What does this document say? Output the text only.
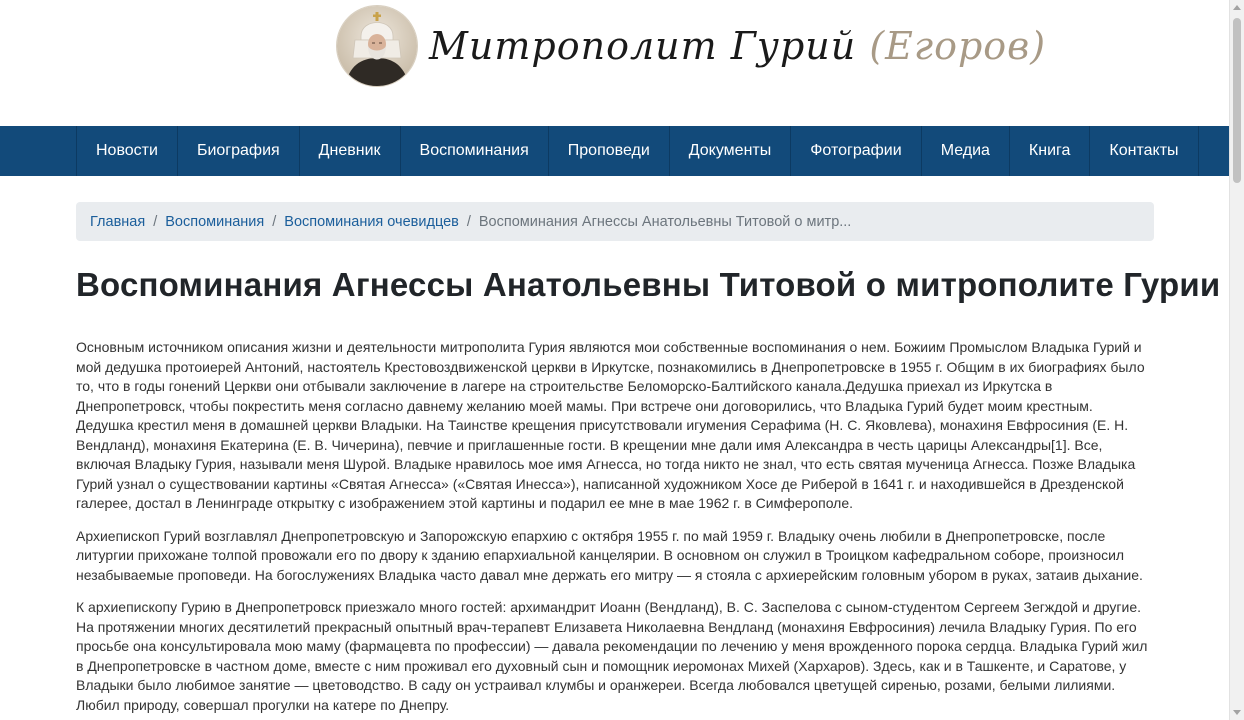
Митрополит Гурий (Егоров)
Новости	Биография	Дневник	Воспоминания	Проповеди	Документы	Фотографии	Медиа	Книга	Контакты
Главная / Воспоминания / Воспоминания очевидцев / Воспоминания Агнессы Анатольевны Титовой о митр...
Воспоминания Агнессы Анатольевны Титовой о митрополите Гурии

Основным источником описания жизни и деятельности митрополита Гурия являются мои собственные воспоминания о нем. Божиим Промыслом Владыка Гурий и мой дедушка протоиерей Антоний, настоятель Крестовоздвиженской церкви в Иркутске, познакомились в Днепропетровске в 1955 г. Общим в их биографиях было то, что в годы гонений Церкви они отбывали заключение в лагере на строительстве Беломорско-Балтийского канала.Дедушка приехал из Иркутска в Днепропетровск, чтобы покрестить меня согласно давнему желанию моей мамы. При встрече они договорились, что Владыка Гурий будет моим крестным. Дедушка крестил меня в домашней церкви Владыки. На Таинстве крещения присутствовали игумения Серафима (Н. С. Яковлева), монахиня Евфросиния (Е. Н. Вендланд), монахиня Екатерина (Е. В. Чичерина), певчие и приглашенные гости. В крещении мне дали имя Александра в честь царицы Александры[1]. Все, включая Владыку Гурия, называли меня Шурой. Владыке нравилось мое имя Агнесса, но тогда никто не знал, что есть святая мученица Агнесса. Позже Владыка Гурий узнал о существовании картины «Святая Агнесса» («Святая Инесса»), написанной художником Хосе де Риберой в 1641 г. и находившейся в Дрезденской галерее, достал в Ленинграде открытку с изображением этой картины и подарил ее мне в мае 1962 г. в Симферополе.

Архиепископ Гурий возглавлял Днепропетровскую и Запорожскую епархию с октября 1955 г. по май 1959 г. Владыку очень любили в Днепропетровске, после литургии прихожане толпой провожали его по двору к зданию епархиальной канцелярии. В основном он служил в Троицком кафедральном соборе, произносил незабываемые проповеди. На богослужениях Владыка часто давал мне держать его митру — я стояла с архиерейским головным убором в руках, затаив дыхание.

К архиепископу Гурию в Днепропетровск приезжало много гостей: архимандрит Иоанн (Вендланд), В. С. Заспелова с сыном-студентом Сергеем Зегждой и другие. На протяжении многих десятилетий прекрасный опытный врач-терапевт Елизавета Николаевна Вендланд (монахиня Евфросиния) лечила Владыку Гурия. По его просьбе она консультировала мою маму (фармацевта по профессии) — давала рекомендации по лечению у меня врожденного порока сердца. Владыка Гурий жил в Днепропетровске в частном доме, вместе с ним проживал его духовный сын и помощник иеромонах Михей (Хархаров). Здесь, как и в Ташкенте, и Саратове, у Владыки было любимое занятие — цветоводство. В саду он устраивал клумбы и оранжереи. Всегда любовался цветущей сиренью, розами, белыми лилиями. Любил природу, совершал прогулки на катере по Днепру.
